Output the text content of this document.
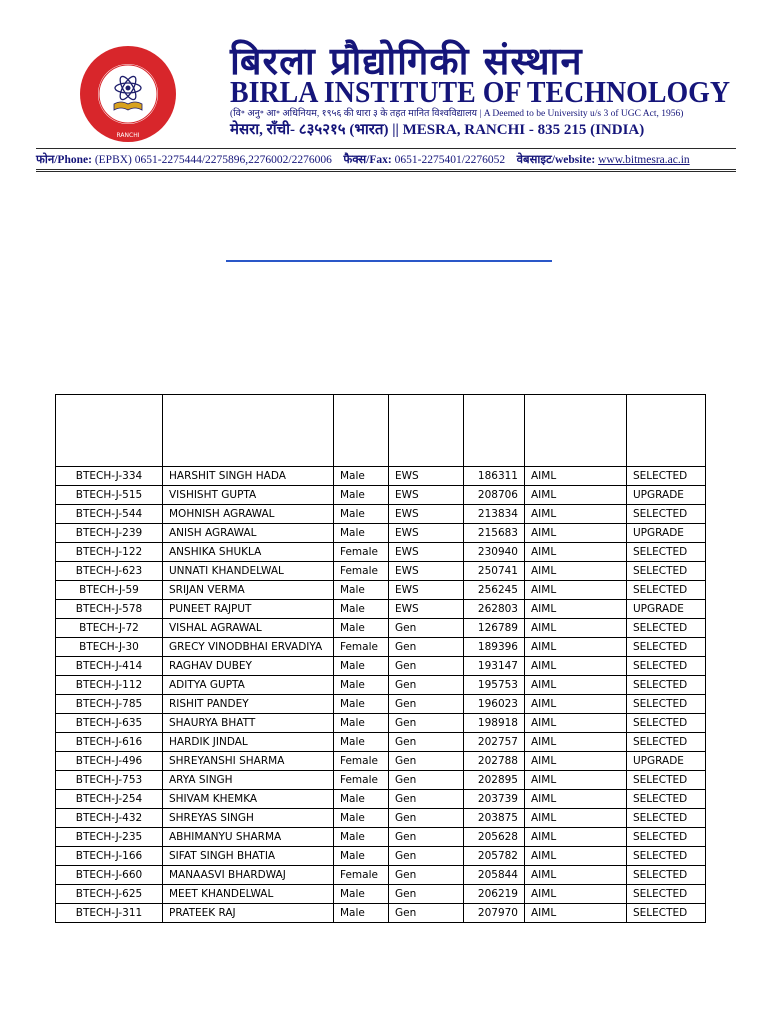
RANCHI
बिरला प्रौद्योगिकी संस्थान
BIRLA INSTITUTE OF TECHNOLOGY
(वि॰ अनु॰ आ॰ अधिनियम, १९५६ की धारा ३ के तहत मानित विश्वविद्यालय | A Deemed to be University u/s 3 of UGC Act, 1956)
मेसरा, राँची- ८३५२१५ (भारत) || MESRA, RANCHI - 835 215 (INDIA)
फोन/Phone: (EPBX) 0651-2275444/2275896,2276002/2276006 फैक्स/Fax: 0651-2275401/2276052 वेबसाइट/website: www.bitmesra.ac.in

BTECH-J-334	HARSHIT SINGH HADA	Male	EWS	186311	AIML	SELECTED
BTECH-J-515	VISHISHT GUPTA	Male	EWS	208706	AIML	UPGRADE
BTECH-J-544	MOHNISH AGRAWAL	Male	EWS	213834	AIML	SELECTED
BTECH-J-239	ANISH AGRAWAL	Male	EWS	215683	AIML	UPGRADE
BTECH-J-122	ANSHIKA SHUKLA	Female	EWS	230940	AIML	SELECTED
BTECH-J-623	UNNATI KHANDELWAL	Female	EWS	250741	AIML	SELECTED
BTECH-J-59	SRIJAN VERMA	Male	EWS	256245	AIML	SELECTED
BTECH-J-578	PUNEET RAJPUT	Male	EWS	262803	AIML	UPGRADE
BTECH-J-72	VISHAL AGRAWAL	Male	Gen	126789	AIML	SELECTED
BTECH-J-30	GRECY VINODBHAI ERVADIYA	Female	Gen	189396	AIML	SELECTED
BTECH-J-414	RAGHAV DUBEY	Male	Gen	193147	AIML	SELECTED
BTECH-J-112	ADITYA GUPTA	Male	Gen	195753	AIML	SELECTED
BTECH-J-785	RISHIT PANDEY	Male	Gen	196023	AIML	SELECTED
BTECH-J-635	SHAURYA BHATT	Male	Gen	198918	AIML	SELECTED
BTECH-J-616	HARDIK JINDAL	Male	Gen	202757	AIML	SELECTED
BTECH-J-496	SHREYANSHI SHARMA	Female	Gen	202788	AIML	UPGRADE
BTECH-J-753	ARYA SINGH	Female	Gen	202895	AIML	SELECTED
BTECH-J-254	SHIVAM KHEMKA	Male	Gen	203739	AIML	SELECTED
BTECH-J-432	SHREYAS SINGH	Male	Gen	203875	AIML	SELECTED
BTECH-J-235	ABHIMANYU SHARMA	Male	Gen	205628	AIML	SELECTED
BTECH-J-166	SIFAT SINGH BHATIA	Male	Gen	205782	AIML	SELECTED
BTECH-J-660	MANAASVI BHARDWAJ	Female	Gen	205844	AIML	SELECTED
BTECH-J-625	MEET KHANDELWAL	Male	Gen	206219	AIML	SELECTED
BTECH-J-311	PRATEEK RAJ	Male	Gen	207970	AIML	SELECTED
